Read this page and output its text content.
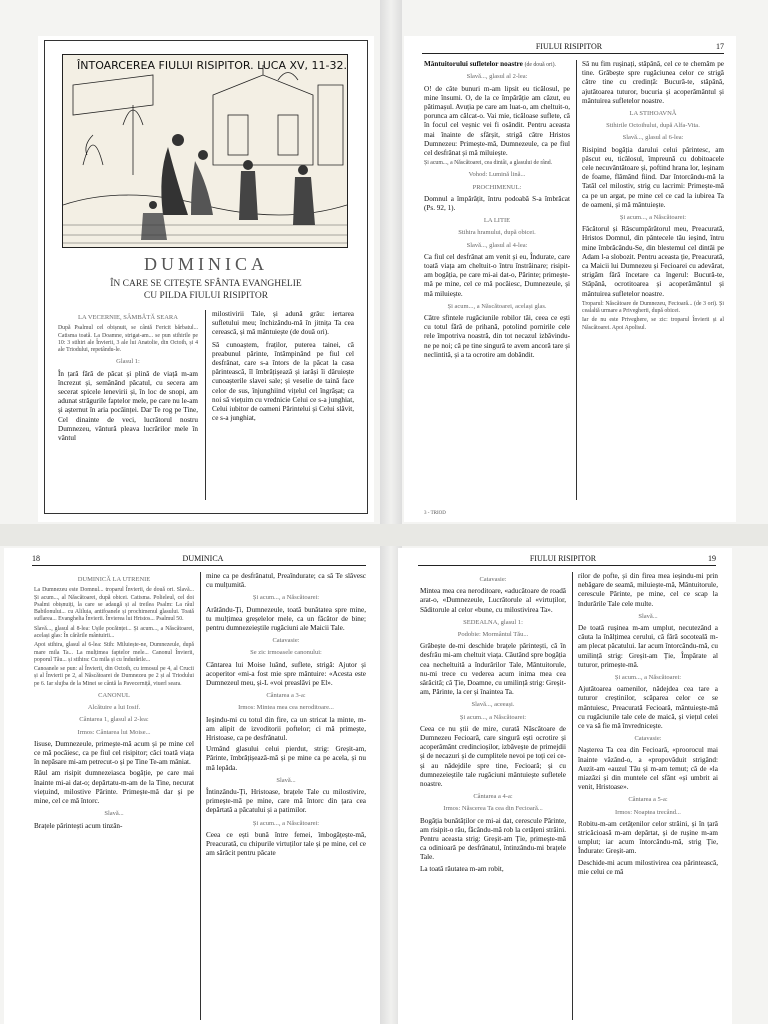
ÎNTOARCEREA FIULUI RISIPITOR. LUCA XV, 11-32.
DUMINICA
ÎN CARE SE CITEȘTE SFÂNTA EVANGHELIE
CU PILDA FIULUI RISIPITOR
LA VECERNIE, SÂMBĂTĂ SEARA
După Psalmul cel obișnuit, se cântă Fericit bărbatul... Catisma toată. La Doamne, strigat-am... se pun stihirile pe 10: 3 stihiri ale Învierii, 3 ale lui Anatolie, din Octoih, și 4 ale Triodului, repetându-le.
Glasul 1:
În țară fără de păcat și plină de viață m-am încrezut și, semănând păcatul, cu secera am secerat spicele lenevirii și, în loc de snopi, am adunat străgurile faptelor mele, pe care nu le-am și așternut în aria pocăinței. Dar Te rog pe Tine, Cel dinainte de veci, lucrătorul nostru Dumnezeu, vântură pleava lucrărilor mele în vântul
milostivirii Tale, și adună grâu: iertarea sufletului meu; închizându-mă în jitnița Ta cea cerească, și mă mântuiește (de două ori).
Să cunoaștem, fraților, puterea tainei, că preabunul părinte, întâmpinând pe fiul cel desfrânat, care s-a întors de la păcat la casa părintească, îl îmbrățișează și iarăși îi dăruiește cunoașterile slavei sale; și veselie de taină face celor de sus, înjunghiind vițelul cel îngrășat; ca noi să viețuim cu vrednicie Celui ce s-a junghiat, Celui iubitor de oameni Părintelui și Celui slăvit, ce s-a junghiat,
FIULUI RISIPITOR	17
Mântuitorului sufletelor noastre (de două ori).
Slavă..., glasul al 2-lea:
O! de câte bunuri m-am lipsit eu ticălosul, pe mine însumi. O, de la ce împărăție am căzut, eu pătimașul. Avuția pe care am luat-o, am cheltuit-o, porunca am călcat-o. Vai mie, ticăloase suflete, că în focul cel veșnic vei fi osândit. Pentru aceasta mai înainte de sfârșit, strigă către Hristos Dumnezeu: Primește-mă, Dumnezeule, ca pe fiul cel desfrânat și mă miluiește.
Și acum..., a Născătoarei, cea dintâi, a glasului de rând.
Vohod: Lumină lină...
PROCHIMENUL:
Domnul a împărățit, întru podoabă S-a îmbrăcat (Ps. 92, 1).
LA LITIE
Stihira hramului, după obicei.
Slavă..., glasul al 4-lea:
Ca fiul cel desfrânat am venit și eu, Îndurate, care toată viața am cheltuit-o întru înstrăinare; risipit-am bogăția, pe care mi-ai dat-o, Părinte; primește-mă pe mine, cel ce mă pocăiesc, Dumnezeule, și mă miluiește.
Și acum..., a Născătoarei, același glas.
Către sfintele rugăciunile robilor tăi, ceea ce ești cu totul fără de prihană, potolind pornirile cele rele împotriva noastră, din tot necazul izbăvindu-ne pe noi; că pe tine singură te avem ancoră tare și neclintită, și a ta ocrotire am dobândit.
Să nu fim rușinați, stăpână, cel ce te chemăm pe tine. Grăbește spre rugăciunea celor ce strigă către tine cu credință: Bucură-te, stăpână, ajutătoarea tuturor, bucuria și acoperământul și mântuirea sufletelor noastre.
LA STIHOAVNĂ
Stihirile Octoihului, după Alfa-Vita.
Slavă..., glasul al 6-lea:
Risipind bogăția darului celui părintesc, am păscut eu, ticălosul, împreună cu dobitoacele cele necuvântătoare și, poftind hrana lor, leșinam de foame, flămând fiind. Dar întorcându-mă la Tatăl cel milostiv, strig cu lacrimi: Primește-mă ca pe un argat, pe mine cel ce cad la iubirea Ta de oameni, și mă mântuiește.
Și acum..., a Născătoarei:
Făcătorul și Răscumpărătorul meu, Preacurată, Hristos Domnul, din pântecele tău ieșind, întru mine îmbrăcându-Se, din blestemul cel dintâi pe Adam l-a slobozit. Pentru aceasta ție, Preacurată, ca Maicii lui Dumnezeu și Fecioarei cu adevărat, strigăm fără încetare ca îngerul: Bucură-te, Stăpână, ocrotitoarea și acoperământul și mântuirea sufletelor noastre.
Troparul: Născătoare de Dumnezeu, Fecioară... (de 3 ori). Și cealaltă urmare a Privegherii, după obicei.
Iar de nu este Priveghere, se zic: troparul Învierii și al Născătoarei. Apoi Apolisul.
3 - TRIOD
18	DUMINICA
DUMINICĂ LA UTRENIE
La Dumnezeu este Domnul... troparul Învierii, de două ori. Slavă... Și acum..., al Născătoarei, după obicei. Catisma. Polieleul, cel doi Psalmi obișnuiți, la care se adaugă și al treilea Psalm: La râul Babilonului... cu Aliluia, antifoanele și prochimenul glasului. Toată suflarea... Evanghelia Învierii. Învierea lui Hristos... Psalmul 50.
Slavă..., glasul al 8-lea: Ușile pocăinței... Și acum..., a Născătoarei, același glas: În cărările mântuirii...
Apoi stihira, glasul al 6-lea: Stih: Miluiește-ne, Dumnezeule, după mare mila Ta... La mulțimea faptelor mele... Canonul Învierii, poporul Tău... și stihira: Cu mila și cu îndurările...
Canoanele se pun: al Învierii, din Octoih, cu irmosul pe 4, al Crucii și al Învierii pe 2, al Născătoarei de Dumnezeu pe 2 și al Triodului pe 6. Iar slujba de la Minei se cântă la Pavecerniță, viuerl seara.
CANONUL
Alcătuire a lui Iosif.
Cântarea 1, glasul al 2-lea:
Irmos: Cântarea lui Moise...
Iisuse, Dumnezeule, primește-mă acum și pe mine cel ce mă pocăiesc, ca pe fiul cel risipitor; căci toată viața în nepăsare mi-am petrecut-o și pe Tine Te-am mâniat.
Răul am risipit dumnezeiasca bogăție, pe care mai înainte mi-ai dat-o; depărtatu-m-am de la Tine, necurat viețuind, milostive Părinte. Primește-mă dar și pe mine, cel ce mă întorc.
Slavă...
Brațele părintești acum tinzân-
mine ca pe desfrânatul, Preaîndurate; ca să Te slăvesc cu mulțumită.
Și acum..., a Născătoarei:
Arătându-Ți, Dumnezeule, toată bunătatea spre mine, tu mulțimea greșelelor mele, ca un făcător de bine; pentru dumnezeieștile rugăciuni ale Maicii Tale.
Catavasie:
Se zic irmoasele canonului:
Cântarea lui Moise luând, suflete, strigă: Ajutor și acoperitor «mi-a fost mie spre mântuire: «Acesta este Dumnezeul meu, și-L «voi preaslăvi pe El».
Cântarea a 3-a:
Irmos: Mintea mea cea neroditoare...
Ieșindu-mi cu totul din fire, ca un stricat la minte, m-am alipit de izvoditorii poftelor; ci mă primește, Hristoase, ca pe desfrânatul.
Urmând glasului celui pierdut, strig: Greșit-am, Părinte, îmbrățișează-mă și pe mine ca pe acela, și nu mă lepăda.
Slavă...
Întinzându-Ți, Hristoase, brațele Tale cu milostivire, primește-mă pe mine, care mă întorc din țara cea depărtată a păcatului și a patimilor.
Și acum..., a Născătoarei:
Ceea ce ești bună între femei, îmbogățește-mă, Preacurată, cu chipurile virtuților tale și pe mine, cel ce am sărăcit pentru păcate
FIULUI RISIPITOR	19
Catavasie:
Mintea mea cea neroditoare, «aducătoare de roadă arat-o, «Dumnezeule, Lucrătorule al «virtuților, Săditorule al celor «bune, cu milostivirea Ta».
SEDEALNA, glasul 1:
Podobie: Mormântul Tău...
Grăbește de-mi deschide brațele părintești, că în desfrâu mi-am cheltuit viața. Căutând spre bogăția cea necheltuită a îndurărilor Tale, Mântuitorule, nu-mi trece cu vederea acum inima mea cea sărăcită; că Ție, Doamne, cu umilință strig: Greșit-am, Părinte, la cer și înaintea Ta.
Slavă..., aceeași.
Și acum..., a Născătoarei:
Ceea ce nu știi de mire, curată Născătoare de Dumnezeu Fecioară, care singură ești ocrotire și acoperământ credincioșilor, izbăvește de primejdii și de necazuri și de cumplitele nevoi pe toți cei ce-și au nădejdile spre tine, Fecioară; și cu dumnezeieștile tale rugăciuni mântuiește sufletele noastre.
Cântarea a 4-a:
Irmos: Născerea Ta cea din Fecioară...
Bogăția bunătăților ce mi-ai dat, cerescule Părinte, am risipit-o rău, făcându-mă rob la cetățeni străini. Pentru aceasta strig: Greșit-am Ție, primește-mă ca odinioară pe desfrânatul, întinzându-mi brațele Tale.
La toată răutatea m-am robit,
rilor de pofte, și din firea mea ieșindu-mi prin nebăgare de seamă, miluiește-mă, Mântuitorule, cerescule Părinte, pe mine, cel ce scap la îndurările Tale cele multe.
Slavă...
De toată rușinea m-am umplut, necutezând a căuta la înălțimea cerului, că fără socoteală m-am plecat păcatului. Iar acum întorcându-mă, cu umilință strig: Greșit-am Ție, Împărate al tuturor, primește-mă.
Și acum..., a Născătoarei:
Ajutătoarea oamenilor, nădejdea cea tare a tuturor creștinilor, scăparea celor ce se mântuiesc, Preacurată Fecioară, mântuiește-mă cu rugăciunile tale cele de maică, și viețul celei ce va să fie mă învrednicește.
Catavasie:
Nașterea Ta cea din Fecioară, «proorocul mai înainte văzând-o, a «propovăduit strigând: Auzit-am «auzul Tău și m-am temut; că de «la miazăzi și din muntele cel sfânt «și umbrit ai venit, Hristoase».
Cântarea a 5-a:
Irmos: Noaptea trecând...
Robitu-m-am cetățenilor celor străini, și în țară stricăcioasă m-am depărtat, și de rușine m-am umplut; iar acum întorcându-mă, strig Ție, Îndurate: Greșit-am.
Deschide-mi acum milostivirea cea părintească, mie celui ce mă
